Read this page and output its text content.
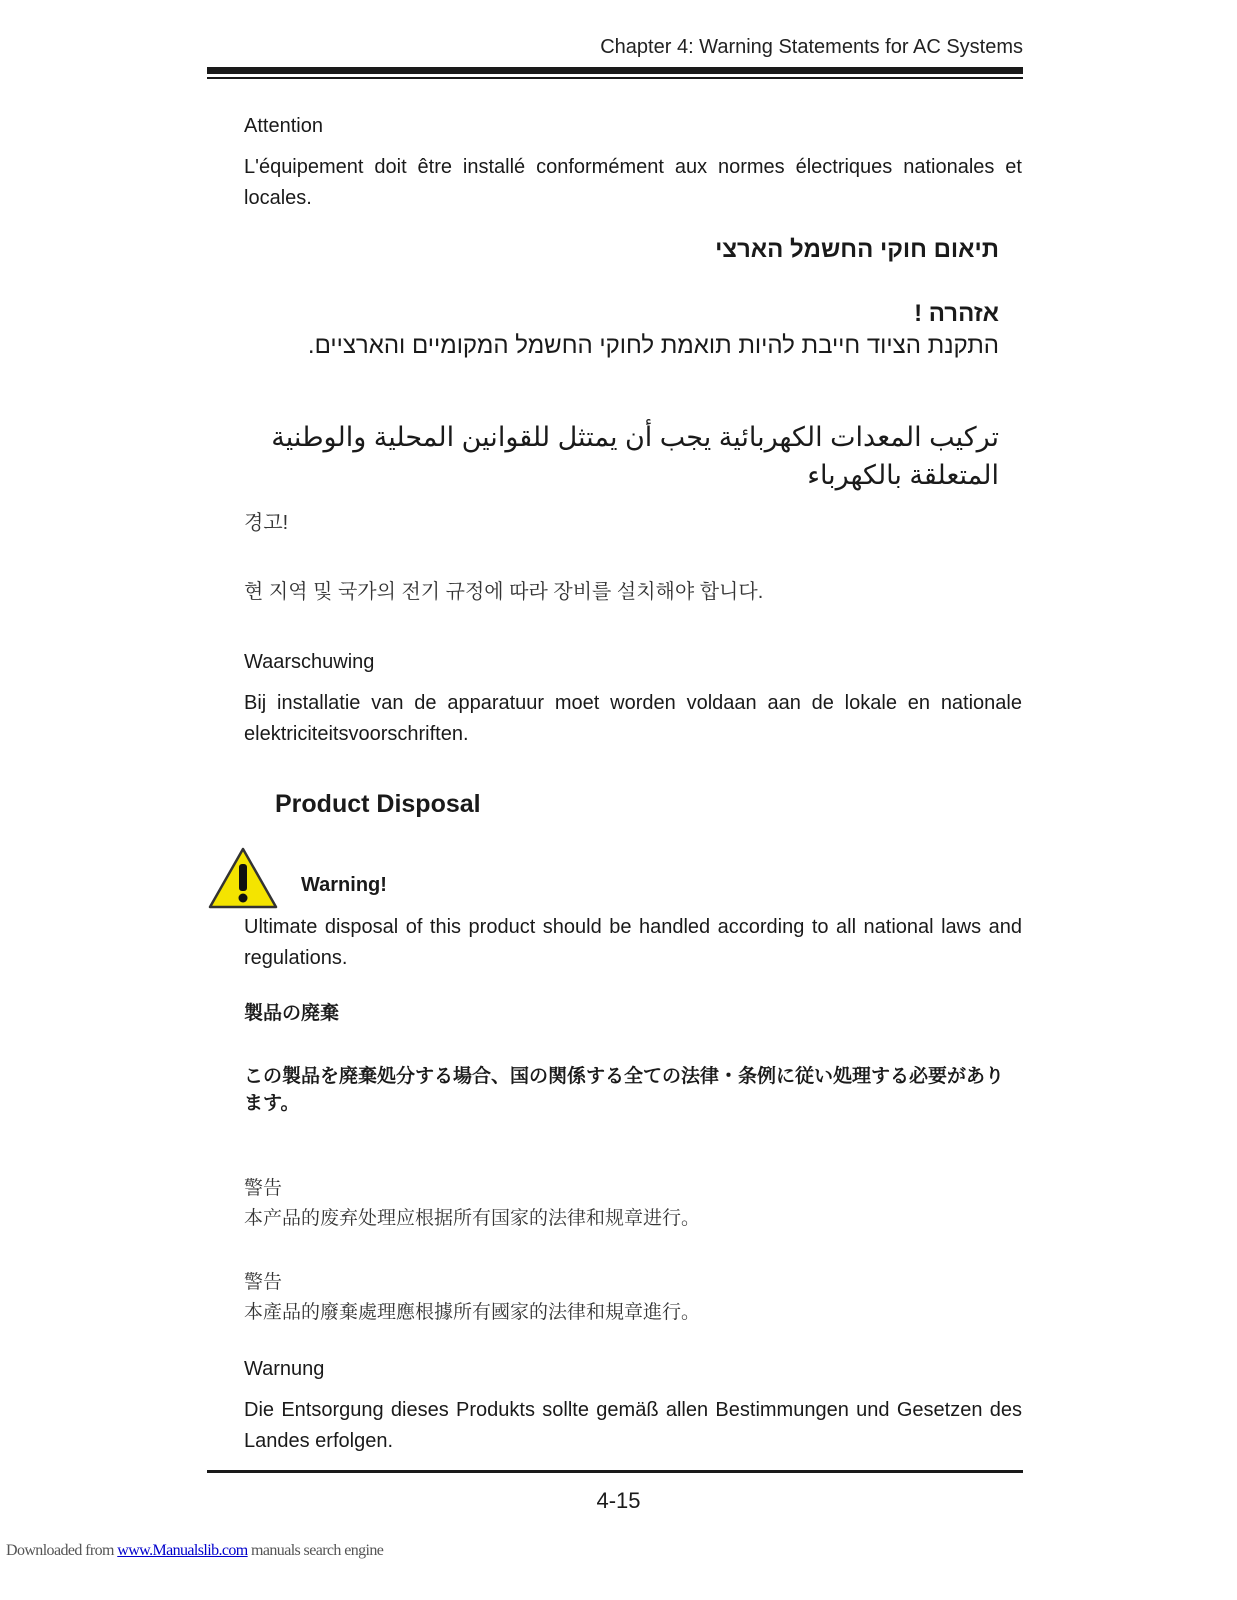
Chapter 4: Warning Statements for AC Systems
Attention
L'équipement doit être installé conformément aux normes électriques nationales et locales.
תיאום חוקי החשמל הארצי
אזהרה !
התקנת הציוד חייבת להיות תואמת לחוקי החשמל המקומיים והארציים.
تركيب المعدات الكهربائية يجب أن يمتثل للقوانين المحلية والوطنية المتعلقة بالكهرباء
경고!
현 지역 및 국가의 전기 규정에 따라 장비를 설치해야 합니다.
Waarschuwing
Bij installatie van de apparatuur moet worden voldaan aan de lokale en nationale elektriciteitsvoorschriften.
Product Disposal
Warning!
Ultimate disposal of this product should be handled according to all national laws and regulations.
製品の廃棄
この製品を廃棄処分する場合、国の関係する全ての法律・条例に従い処理する必要があります。
警告
本产品的废弃处理应根据所有国家的法律和规章进行。
警告
本產品的廢棄處理應根據所有國家的法律和規章進行。
Warnung
Die Entsorgung dieses Produkts sollte gemäß allen Bestimmungen und Gesetzen des Landes erfolgen.
4-15
Downloaded from www.Manualslib.com manuals search engine
